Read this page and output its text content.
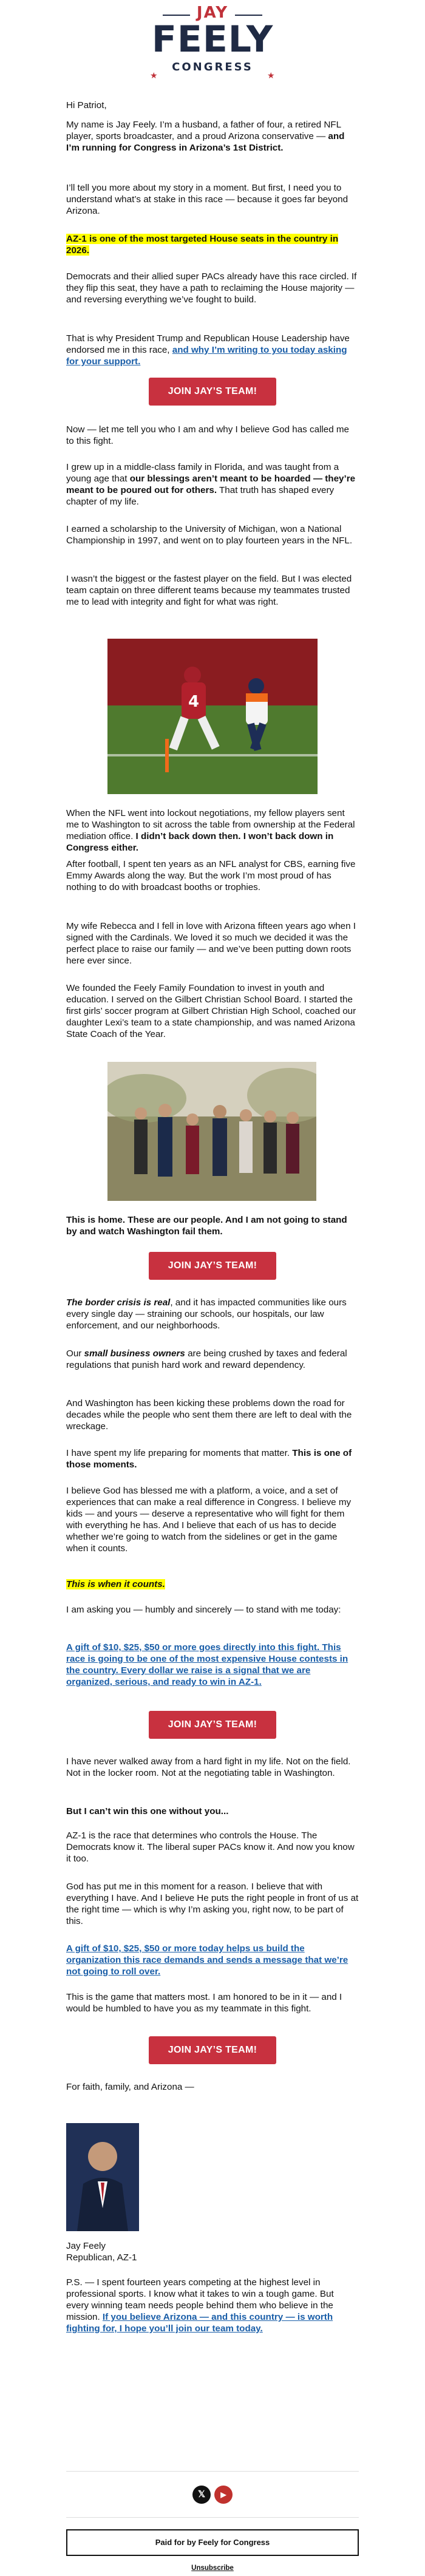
JAY
FEELY
CONGRESS
★	★

Hi Patriot,

My name is Jay Feely. I’m a husband, a father of four, a retired NFL player, sports broadcaster, and a proud Arizona conservative — and I’m running for Congress in Arizona’s 1st District.

I’ll tell you more about my story in a moment. But first, I need you to understand what’s at stake in this race — because it goes far beyond Arizona.

AZ-1 is one of the most targeted House seats in the country in 2026.

Democrats and their allied super PACs already have this race circled. If they flip this seat, they have a path to reclaiming the House majority — and reversing everything we’ve fought to build.

That is why President Trump and Republican House Leadership have endorsed me in this race, and why I’m writing to you today asking for your support.

JOIN JAY’S TEAM!

Now — let me tell you who I am and why I believe God has called me to this fight.

I grew up in a middle-class family in Florida, and was taught from a young age that our blessings aren’t meant to be hoarded — they’re meant to be poured out for others. That truth has shaped every chapter of my life.

I earned a scholarship to the University of Michigan, won a National Championship in 1997, and went on to play fourteen years in the NFL.

I wasn’t the biggest or the fastest player on the field. But I was elected team captain on three different teams because my teammates trusted me to lead with integrity and fight for what was right.

4

When the NFL went into lockout negotiations, my fellow players sent me to Washington to sit across the table from ownership at the Federal mediation office. I didn’t back down then. I won’t back down in Congress either.

After football, I spent ten years as an NFL analyst for CBS, earning five Emmy Awards along the way. But the work I’m most proud of has nothing to do with broadcast booths or trophies.

My wife Rebecca and I fell in love with Arizona fifteen years ago when I signed with the Cardinals. We loved it so much we decided it was the perfect place to raise our family — and we’ve been putting down roots here ever since.

We founded the Feely Family Foundation to invest in youth and education. I served on the Gilbert Christian School Board. I started the first girls’ soccer program at Gilbert Christian High School, coached our daughter Lexi’s team to a state championship, and was named Arizona State Coach of the Year.

This is home. These are our people. And I am not going to stand by and watch Washington fail them.

JOIN JAY’S TEAM!

The border crisis is real, and it has impacted communities like ours every single day — straining our schools, our hospitals, our law enforcement, and our neighborhoods.

Our small business owners are being crushed by taxes and federal regulations that punish hard work and reward dependency.

And Washington has been kicking these problems down the road for decades while the people who sent them there are left to deal with the wreckage.

I have spent my life preparing for moments that matter. This is one of those moments.

I believe God has blessed me with a platform, a voice, and a set of experiences that can make a real difference in Congress. I believe my kids — and yours — deserve a representative who will fight for them with everything he has. And I believe that each of us has to decide whether we’re going to watch from the sidelines or get in the game when it counts.

This is when it counts.

I am asking you — humbly and sincerely — to stand with me today:

A gift of $10, $25, $50 or more goes directly into this fight. This race is going to be one of the most expensive House contests in the country. Every dollar we raise is a signal that we are organized, serious, and ready to win in AZ-1.

JOIN JAY’S TEAM!

I have never walked away from a hard fight in my life. Not on the field. Not in the locker room. Not at the negotiating table in Washington.

But I can’t win this one without you...

AZ-1 is the race that determines who controls the House. The Democrats know it. The liberal super PACs know it. And now you know it too.

God has put me in this moment for a reason. I believe that with everything I have. And I believe He puts the right people in front of us at the right time — which is why I’m asking you, right now, to be part of this.

A gift of $10, $25, $50 or more today helps us build the organization this race demands and sends a message that we’re not going to roll over.

This is the game that matters most. I am honored to be in it — and I would be humbled to have you as my teammate in this fight.

JOIN JAY’S TEAM!

For faith, family, and Arizona —

Jay Feely

Republican, AZ-1

P.S. — I spent fourteen years competing at the highest level in professional sports. I know what it takes to win a tough game. But every winning team needs people behind them who believe in the mission. If you believe Arizona — and this country — is worth fighting for, I hope you’ll join our team today.

𝕏	▶
Paid for by Feely for Congress
Unsubscribe
